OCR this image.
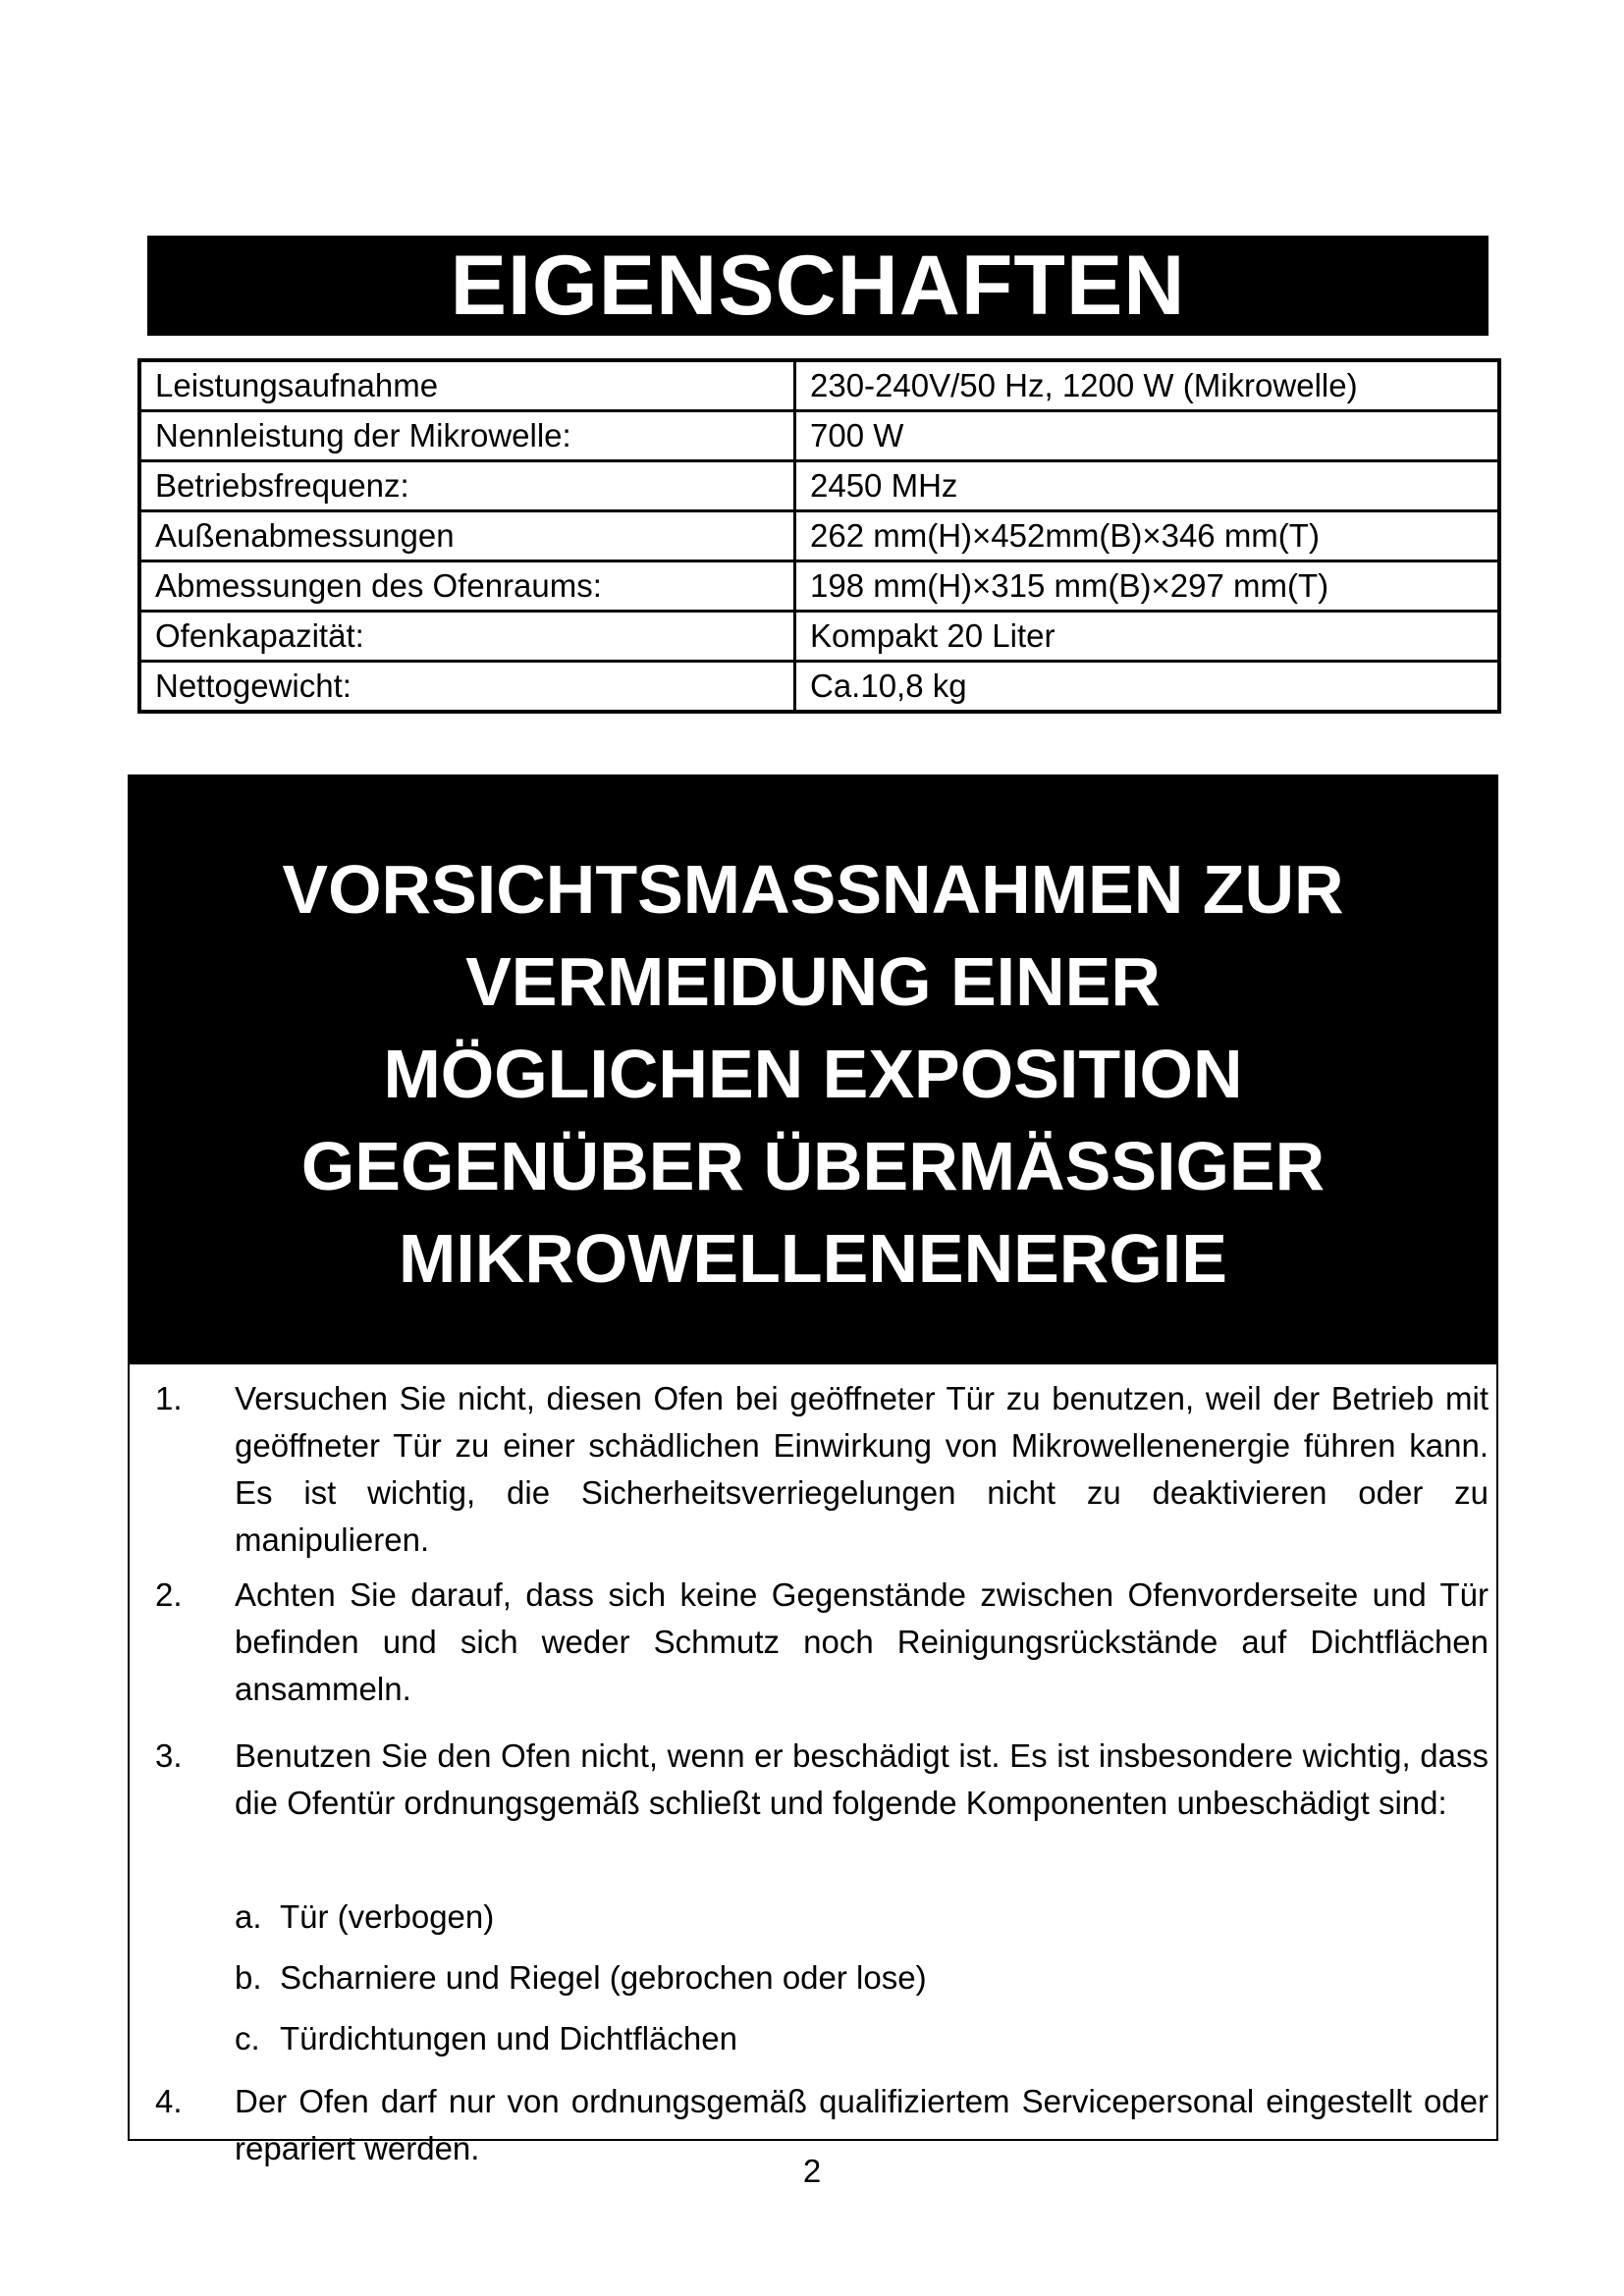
EIGENSCHAFTEN
Leistungsaufnahme	230-240V/50 Hz, 1200 W (Mikrowelle)
Nennleistung der Mikrowelle:	700 W
Betriebsfrequenz:	2450 MHz
Außenabmessungen	262 mm(H)×452mm(B)×346 mm(T)
Abmessungen des Ofenraums:	198 mm(H)×315 mm(B)×297 mm(T)
Ofenkapazität:	Kompakt 20 Liter
Nettogewicht:	Ca.10,8 kg
VORSICHTSMASSNAHMEN ZUR
VERMEIDUNG EINER
MÖGLICHEN EXPOSITION
GEGENÜBER ÜBERMÄSSIGER
MIKROWELLENENERGIE
1. Versuchen Sie nicht, diesen Ofen bei geöffneter Tür zu benutzen, weil der Betrieb mit geöffneter Tür zu einer schädlichen Einwirkung von Mikrowellenenergie führen kann. Es ist wichtig, die Sicherheitsverriegelungen nicht zu deaktivieren oder zu manipulieren.
2. Achten Sie darauf, dass sich keine Gegenstände zwischen Ofenvorderseite und Tür befinden und sich weder Schmutz noch Reinigungsrückstände auf Dichtflächen ansammeln.
3. Benutzen Sie den Ofen nicht, wenn er beschädigt ist. Es ist insbesondere wichtig, dass die Ofentür ordnungsgemäß schließt und folgende Komponenten unbeschädigt sind:
a. Tür (verbogen)
b. Scharniere und Riegel (gebrochen oder lose)
c. Türdichtungen und Dichtflächen
4. Der Ofen darf nur von ordnungsgemäß qualifiziertem Servicepersonal eingestellt oder repariert werden.
2
